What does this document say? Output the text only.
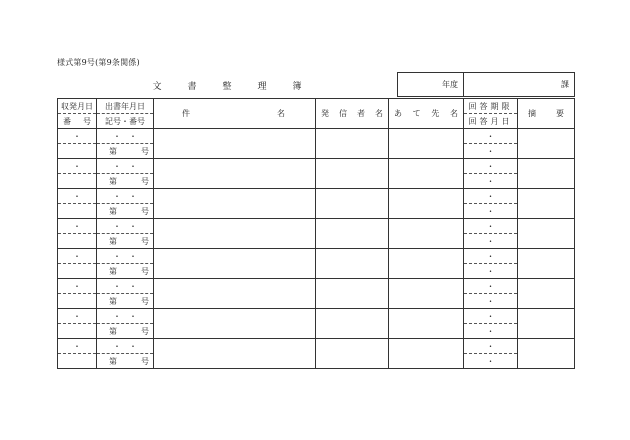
様式第9号(第9条関係)
文書整理簿	年度	課
収発月日	出書年月日	件 名	発 信 者 名	あ て 先 名	回答期限	摘 要

番 号	記号・番号				回答月日	
・	・　・				・	

	第 号				・	
・	・　・				・	

	第 号				・	
・	・　・				・	

	第 号				・	
・	・　・				・	

	第 号				・	
・	・　・				・	

	第 号				・	
・	・　・				・	

	第 号				・	
・	・　・				・	

	第 号				・	
・	・　・				・	

	第 号				・	
